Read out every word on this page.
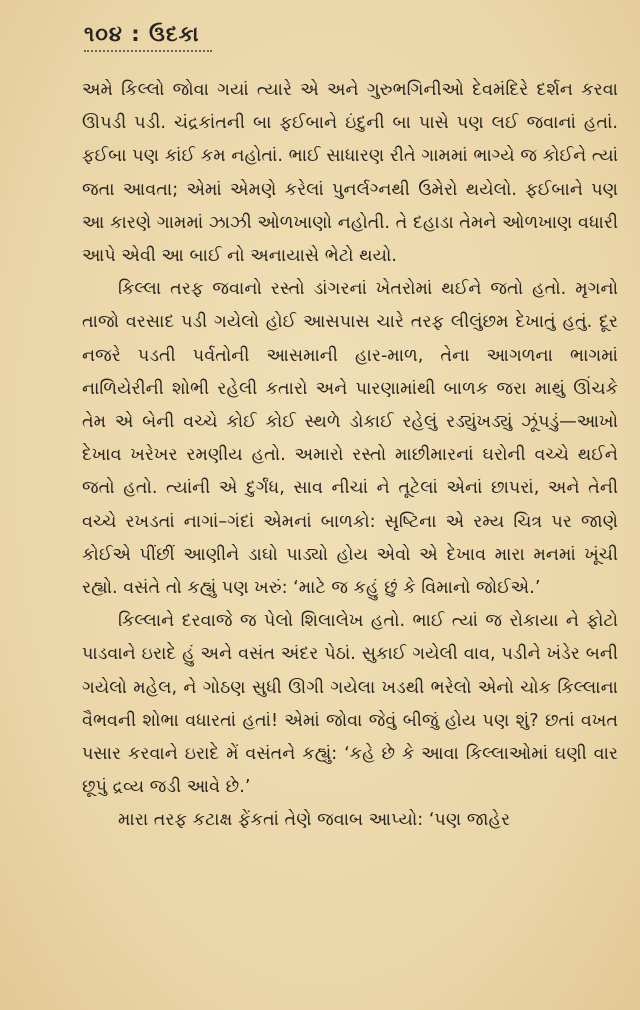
૧૦૪ : ઉદકા

અમે કિલ્લો જોવા ગયાં ત્યારે એ અને ગુરુભગિનીઓ દેવમંદિરે દર્શન કરવા ઊપડી પડી. ચંદ્રકાંતની બા ફઈબાને ઇંદુની બા પાસે પણ લઈ જવાનાં હતાં. ફઈબા પણ કાંઈ કમ નહોતાં. ભાઈ સાધારણ રીતે ગામમાં ભાગ્યે જ કોઈને ત્યાં જતા આવતા; એમાં એમણે કરેલાં પુનર્લગ્નથી ઉમેરો થયેલો. ફઈબાને પણ આ કારણે ગામમાં ઝાઝી ઓળખાણો નહોતી. તે દહાડા તેમને ઓળખાણ વધારી આપે એવી આ બાઈ નો અનાયાસે ભેટો થયો.

કિલ્લા તરફ જવાનો રસ્તો ડાંગરનાં ખેતરોમાં થઈને જતો હતો. મૃગનો તાજો વરસાદ પડી ગયેલો હોઈ આસપાસ ચારે તરફ લીલુંછમ દેખાતું હતું. દૂર નજરે પડતી પર્વતોની આસમાની હાર-માળ, તેના આગળના ભાગમાં નાળિયેરીની શોભી રહેલી કતારો અને પારણામાંથી બાળક જરા માથું ઊંચકે તેમ એ બેની વચ્ચે કોઈ કોઈ સ્થળે ડોકાઈ રહેલું રડ્યુંખડ્યું ઝૂંપડું—આખો દેખાવ ખરેખર રમણીય હતો. અમારો રસ્તો માછીમારનાં ઘરોની વચ્ચે થઈને જતો હતો. ત્યાંની એ દુર્ગંધ, સાવ નીચાં ને તૂટેલાં એનાં છાપરાં, અને તેની વચ્ચે રખડતાં નાગાં–ગંદાં એમનાં બાળકો: સૃષ્ટિના એ રમ્ય ચિત્ર પર જાણે કોઈએ પીંછીં આણીને ડાઘો પાડ્યો હોય એવો એ દેખાવ મારા મનમાં ખૂંચી રહ્યો. વસંતે તો કહ્યું પણ ખરું: ‘માટે જ કહું છું કે વિમાનો જોઈએ.’

કિલ્લાને દરવાજે જ પેલો શિલાલેખ હતો. ભાઈ ત્યાં જ રોકાયા ને ફોટો પાડવાને ઇરાદે હું અને વસંત અંદર પેઠાં. સુકાઈ ગયેલી વાવ, પડીને ખંડેર બની ગયેલો મહેલ, ને ગોઠણ સુધી ઊગી ગયેલા ખડથી ભરેલો એનો ચોક કિલ્લાના વૈભવની શોભા વધારતાં હતાં! એમાં જોવા જેવું બીજું હોય પણ શું? છતાં વખત પસાર કરવાને ઇરાદે મેં વસંતને કહ્યું: ‘કહે છે કે આવા કિલ્લાઓમાં ઘણી વાર છૂપું દ્રવ્ય જડી આવે છે.’

મારા તરફ કટાક્ષ ફેંકતાં તેણે જવાબ આપ્યો: ‘પણ જાહેર
